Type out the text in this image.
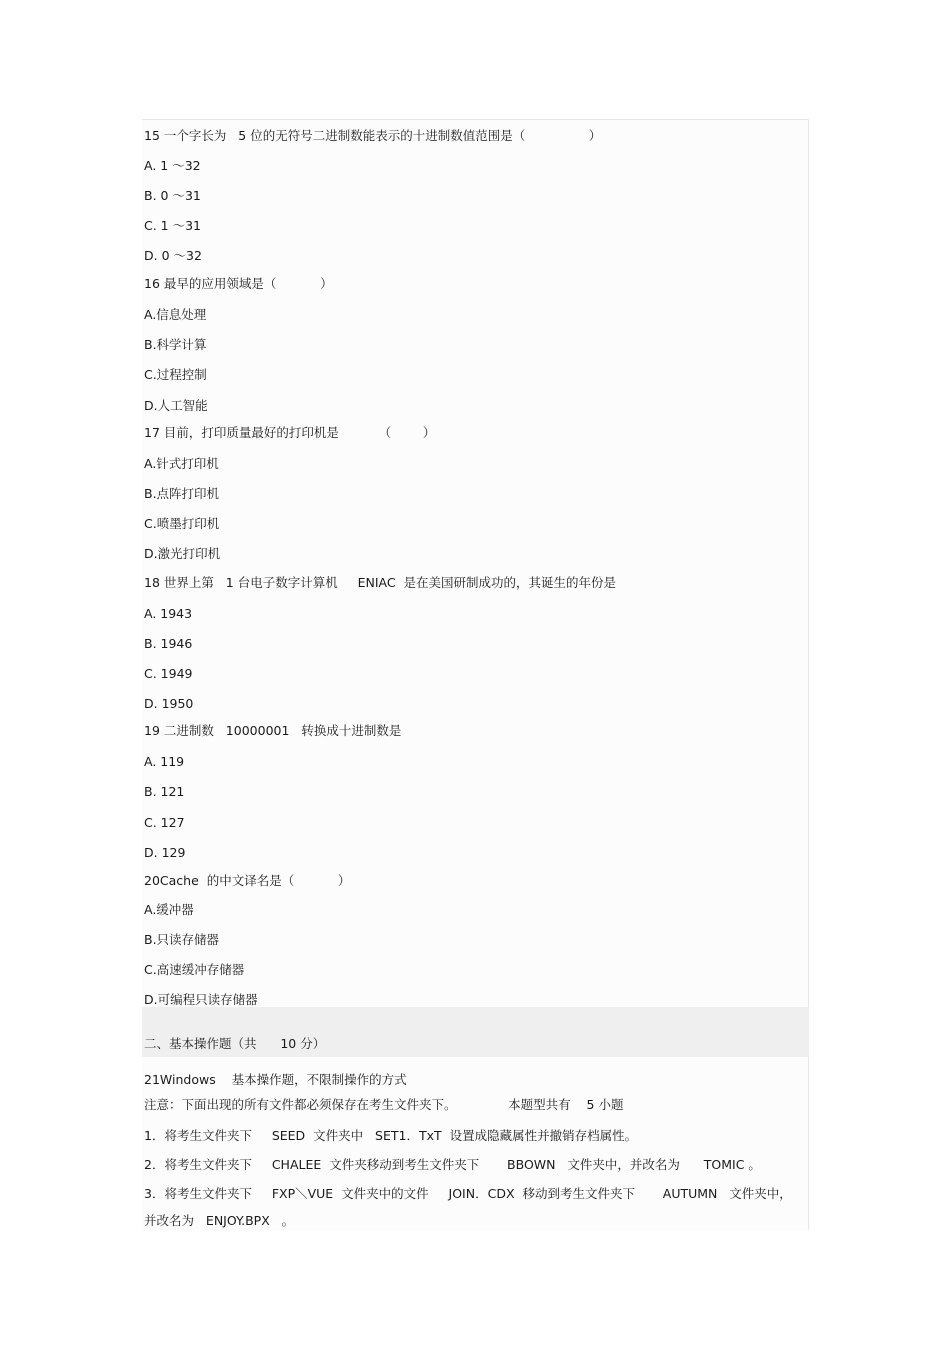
15 一个字长为   5 位的无符号二进制数能表示的十进制数值范围是（                ）
A. 1 ～32
B. 0 ～31
C. 1 ～31
D. 0 ～32
16 最早的应用领域是（           ）
A.信息处理
B.科学计算
C.过程控制
D.人工智能
17 目前，打印质量最好的打印机是          （        ）
A.针式打印机
B.点阵打印机
C.喷墨打印机
D.激光打印机
18 世界上第   1 台电子数字计算机     ENIAC  是在美国研制成功的，其诞生的年份是
A. 1943
B. 1946
C. 1949
D. 1950
19 二进制数   10000001   转换成十进制数是
A. 119
B. 121
C. 127
D. 129
20Cache  的中文译名是（           ）
A.缓冲器
B.只读存储器
C.高速缓冲存储器
D.可编程只读存储器
二、基本操作题（共      10 分）
21Windows    基本操作题，不限制操作的方式
注意：下面出现的所有文件都必须保存在考生文件夹下。             本题型共有    5 小题
1．将考生文件夹下     SEED  文件夹中   SET1．TxT  设置成隐藏属性并撤销存档属性。
2．将考生文件夹下     CHALEE  文件夹移动到考生文件夹下       BBOWN   文件夹中，并改名为      TOMIC 。
3．将考生文件夹下     FXP＼VUE  文件夹中的文件     JOIN．CDX  移动到考生文件夹下       AUTUMN   文件夹中，
并改名为   ENJOY.BPX   。
